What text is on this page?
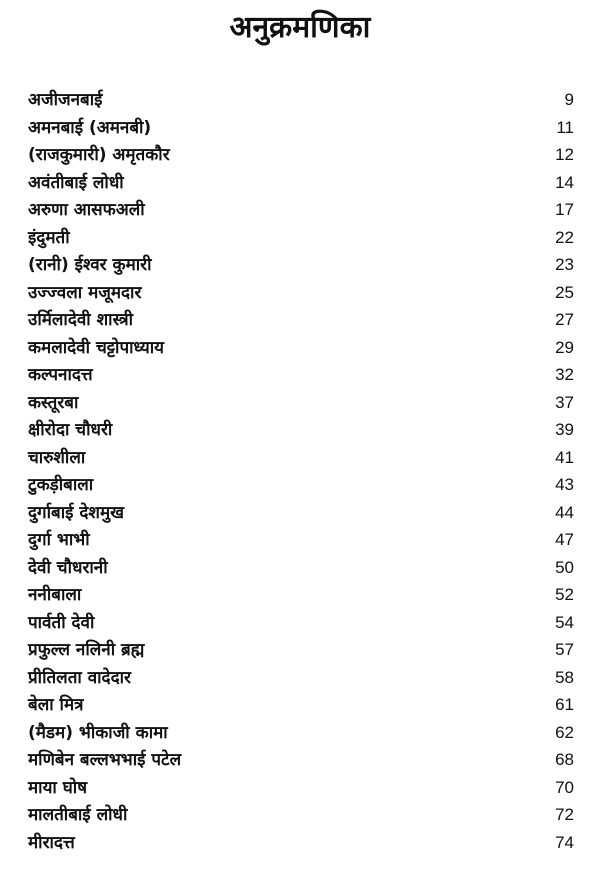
अनुक्रमणिका
अजीजनबाई	9
अमनबाई (अमनबी)	11
(राजकुमारी) अमृतकौर	12
अवंतीबाई लोधी	14
अरुणा आसफअली	17
इंदुमती	22
(रानी) ईश्वर कुमारी	23
उज्ज्वला मजूमदार	25
उर्मिलादेवी शास्त्री	27
कमलादेवी चट्टोपाध्याय	29
कल्पनादत्त	32
कस्तूरबा	37
क्षीरोदा चौधरी	39
चारुशीला	41
टुकड़ीबाला	43
दुर्गाबाई देशमुख	44
दुर्गा भाभी	47
देवी चौधरानी	50
ननीबाला	52
पार्वती देवी	54
प्रफुल्ल नलिनी ब्रह्म	57
प्रीतिलता वादेदार	58
बेला मित्र	61
(मैडम) भीकाजी कामा	62
मणिबेन बल्लभभाई पटेल	68
माया घोष	70
मालतीबाई लोधी	72
मीरादत्त	74
